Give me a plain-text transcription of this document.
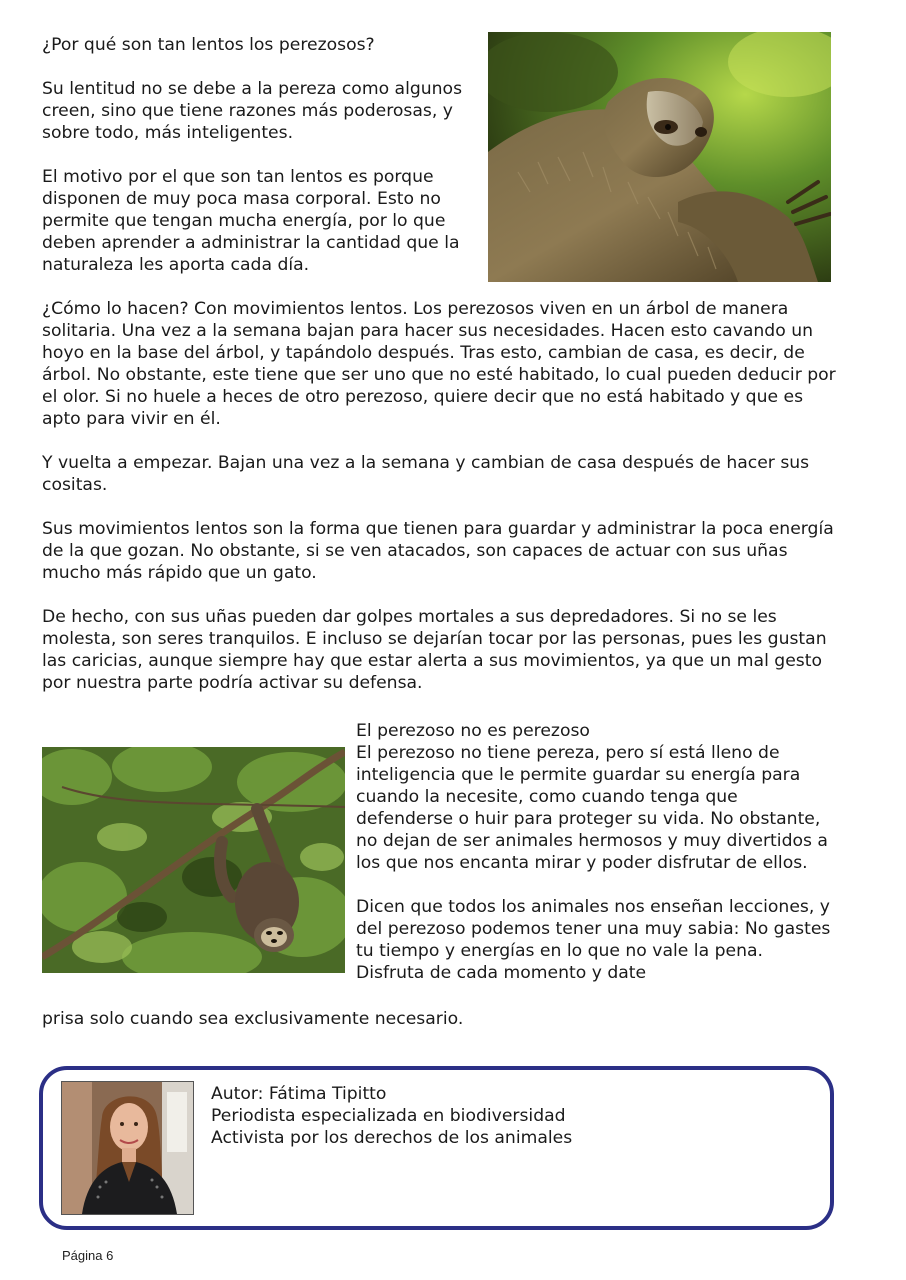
¿Por qué son tan lentos los perezosos?

Su lentitud no se debe a la pereza como algunos creen, sino que tiene razones más poderosas, y sobre todo, más inteligentes.

El motivo por el que son tan lentos es porque disponen de muy poca masa corporal. Esto no permite que tengan mucha energía, por lo que deben aprender a administrar la cantidad que la naturaleza les aporta cada día.

¿Cómo lo hacen? Con movimientos lentos. Los perezosos viven en un árbol de manera solitaria. Una vez a la semana bajan para hacer sus necesidades. Hacen esto cavando un hoyo en la base del árbol, y tapándolo después. Tras esto, cambian de casa, es decir, de árbol. No obstante, este tiene que ser uno que no esté habitado, lo cual pueden deducir por el olor. Si no huele a heces de otro perezoso, quiere decir que no está habitado y que es apto para vivir en él.

Y vuelta a empezar. Bajan una vez a la semana y cambian de casa después de hacer sus cositas.

Sus movimientos lentos son la forma que tienen para guardar y administrar la poca energía de la que gozan. No obstante, si se ven atacados, son capaces de actuar con sus uñas mucho más rápido que un gato.

De hecho, con sus uñas pueden dar golpes mortales a sus depredadores. Si no se les molesta, son seres tranquilos. E incluso se dejarían tocar por las personas, pues les gustan las caricias, aunque siempre hay que estar alerta a sus movimientos, ya que un mal gesto por nuestra parte podría activar su defensa.

El perezoso no es perezoso

El perezoso no tiene pereza, pero sí está lleno de inteligencia que le permite guardar su energía para cuando la necesite, como cuando tenga que defenderse o huir para proteger su vida. No obstante, no dejan de ser animales hermosos y muy divertidos a los que nos encanta mirar y poder disfrutar de ellos.

Dicen que todos los animales nos enseñan lecciones, y del perezoso podemos tener una muy sabia: No gastes tu tiempo y energías en lo que no vale la pena. Disfruta de cada momento y date

prisa solo cuando sea exclusivamente necesario.

Autor: Fátima Tipitto
Periodista especializada en biodiversidad
Activista por los derechos de los animales
Página 6
